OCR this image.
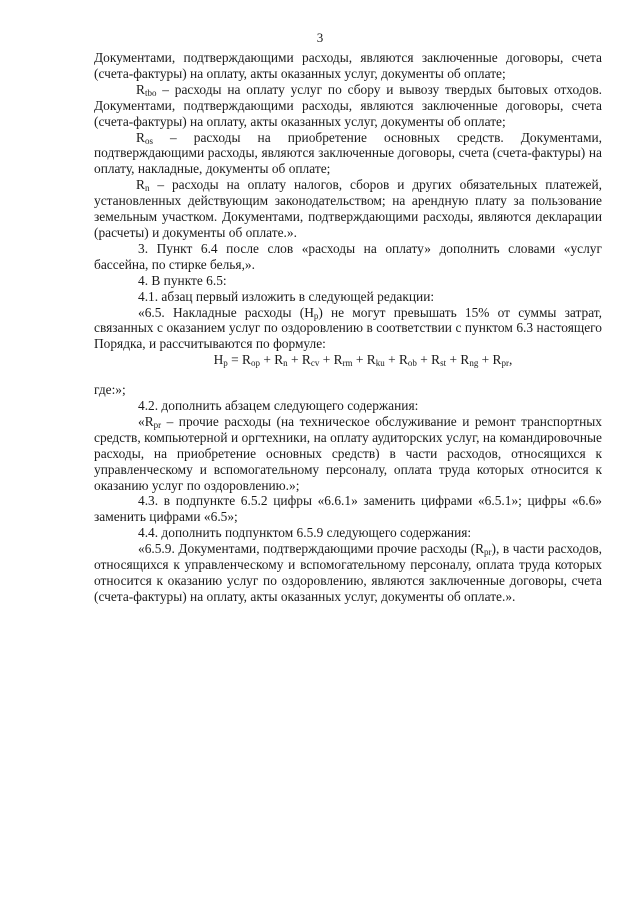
3

Документами, подтверждающими расходы, являются заключенные договоры, счета (счета-фактуры) на оплату, акты оказанных услуг, документы об оплате;

$R_{tbo}$ – расходы на оплату услуг по сбору и вывозу твердых бытовых отходов. Документами, подтверждающими расходы, являются заключенные договоры, счета (счета-фактуры) на оплату, акты оказанных услуг, документы об оплате;

$R_{os}$ – расходы на приобретение основных средств. Документами, подтверждающими расходы, являются заключенные договоры, счета (счета-фактуры) на оплату, накладные, документы об оплате;

$R_n$ – расходы на оплату налогов, сборов и других обязательных платежей, установленных действующим законодательством; на арендную плату за пользование земельным участком. Документами, подтверждающими расходы, являются декларации (расчеты) и документы об оплате.».

3. Пункт 6.4 после слов «расходы на оплату» дополнить словами «услуг бассейна, по стирке белья,».

4. В пункте 6.5:

4.1. абзац первый изложить в следующей редакции:

«6.5. Накладные расходы $(Н_р)$ не могут превышать 15% от суммы затрат, связанных с оказанием услуг по оздоровлению в соответствии с пунктом 6.3 настоящего Порядка, и рассчитываются по формуле:

$Н_р = R_{ор} + R_n + R_{cv} + R_{rm} + R_{ku} + R_{ob} + R_{st} + R_{ng} + R_{pr}$,

где:»;

4.2. дополнить абзацем следующего содержания:

«$R_{pr}$ – прочие расходы (на техническое обслуживание и ремонт транспортных средств, компьютерной и оргтехники, на оплату аудиторских услуг, на командировочные расходы, на приобретение основных средств) в части расходов, относящихся к управленческому и вспомогательному персоналу, оплата труда которых относится к оказанию услуг по оздоровлению.»;

4.3. в подпункте 6.5.2 цифры «6.6.1» заменить цифрами «6.5.1»; цифры «6.6» заменить цифрами «6.5»;

4.4. дополнить подпунктом 6.5.9 следующего содержания:

«6.5.9. Документами, подтверждающими прочие расходы $(R_{pr})$, в части расходов, относящихся к управленческому и вспомогательному персоналу, оплата труда которых относится к оказанию услуг по оздоровлению, являются заключенные договоры, счета (счета-фактуры) на оплату, акты оказанных услуг, документы об оплате.».
